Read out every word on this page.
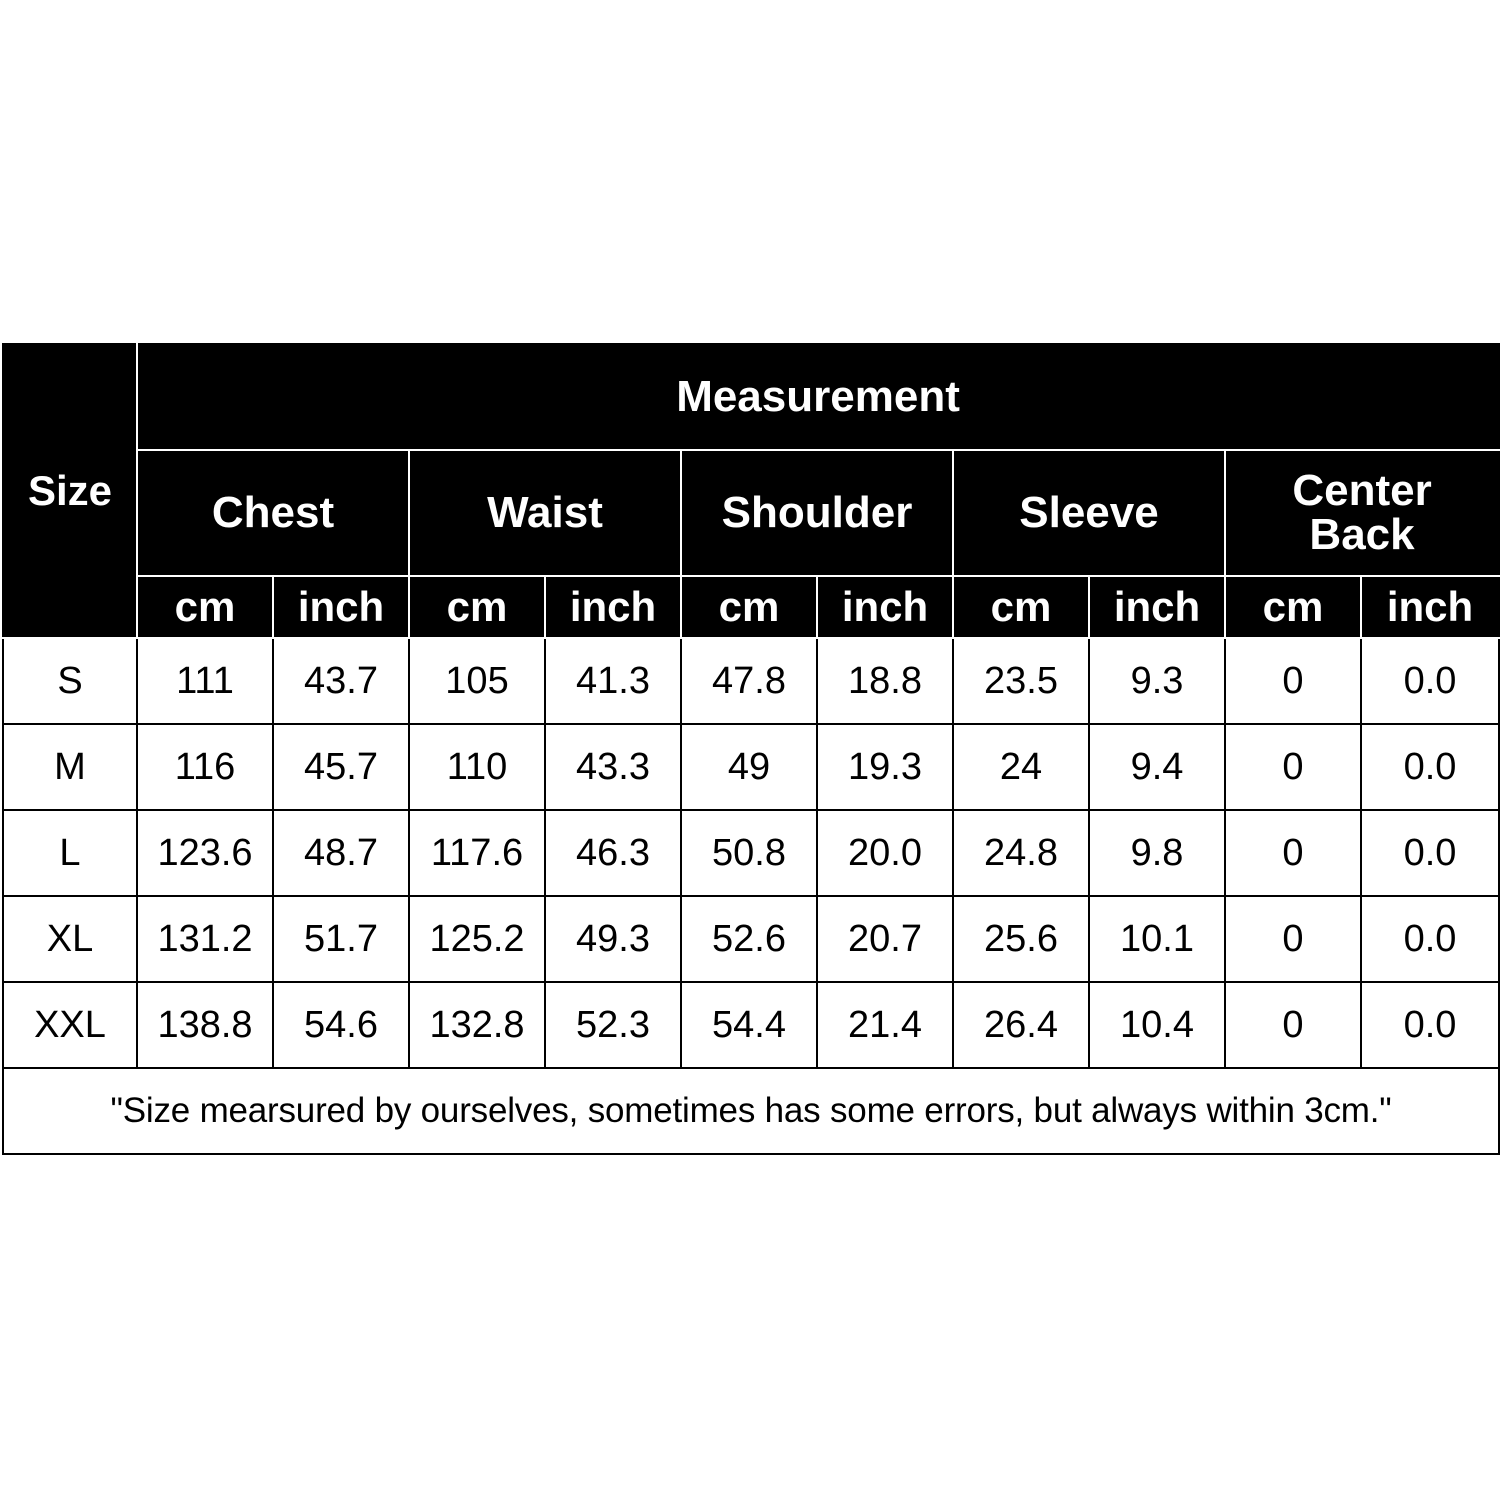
Size	Measurement									
	Chest		Waist		Shoulder		Sleeve		Center Back	
	cm	inch	cm	inch	cm	inch	cm	inch	cm	inch
S	111	43.7	105	41.3	47.8	18.8	23.5	9.3	0	0.0
M	116	45.7	110	43.3	49	19.3	24	9.4	0	0.0
L	123.6	48.7	117.6	46.3	50.8	20.0	24.8	9.8	0	0.0
XL	131.2	51.7	125.2	49.3	52.6	20.7	25.6	10.1	0	0.0
XXL	138.8	54.6	132.8	52.3	54.4	21.4	26.4	10.4	0	0.0
"Size mearsured by ourselves, sometimes has some errors, but always within 3cm."										
